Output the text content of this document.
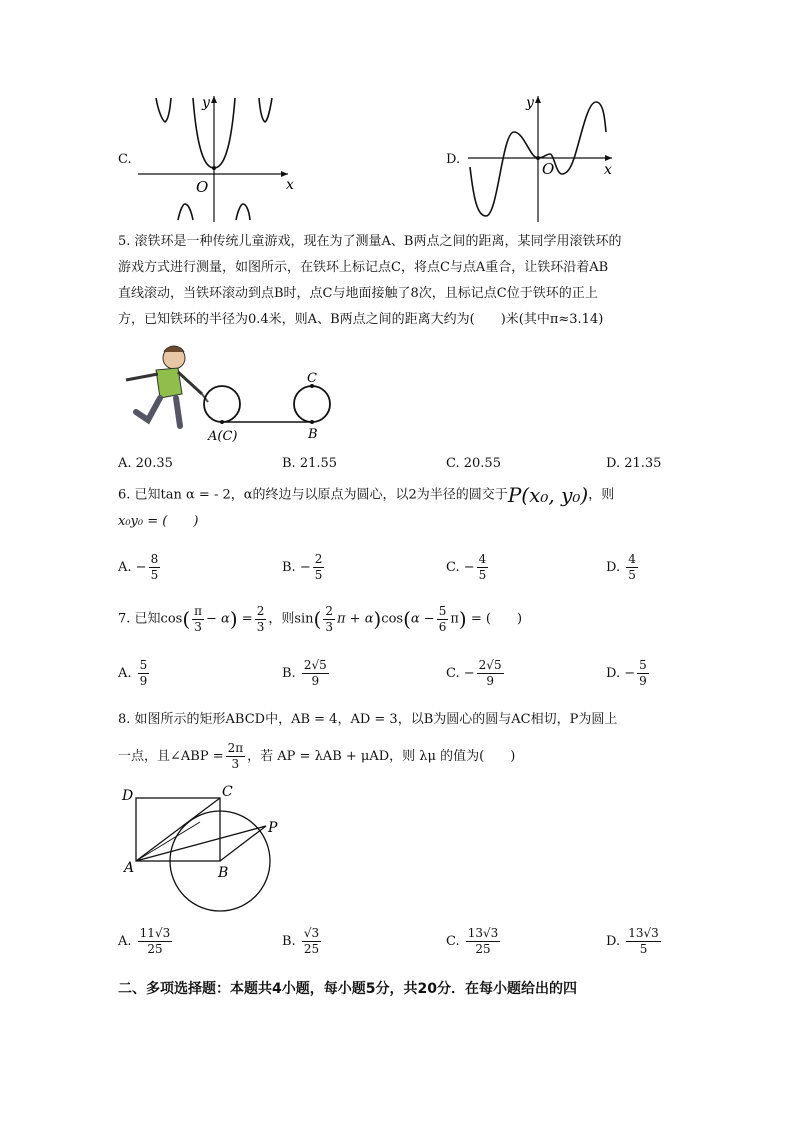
C.
y
x
O
D.
y
x
O
5. 滚铁环是一种传统儿童游戏，现在为了测量A、B两点之间的距离，某同学用滚铁环的
游戏方式进行测量，如图所示，在铁环上标记点C，将点C与点A重合，让铁环沿着AB
直线滚动，当铁环滚动到点B时，点C与地面接触了8次，且标记点C位于铁环的正上
方，已知铁环的半径为0.4米，则A、B两点之间的距离大约为(　　)米(其中π≈3.14)
A(C)	B
C
A. 20.35	B. 21.55	C. 20.55	D. 21.35
6. 已知tan α = - 2，α的终边与以原点为圆心，以2为半径的圆交于P(x₀, y₀)，则
x₀y₀ = (　　)
A. − $\frac{8}{5}$	B. − $\frac{2}{5}$	C. − $\frac{4}{5}$	D. $\frac{4}{5}$
7. 已知$\cos( \frac{\pi}{3} - \alpha) = \frac{2}{3}$ ，则$\sin( \frac{2}{3}$ $\pi + \alpha)\cos(\alpha - \frac{5}{6} \pi)$ = (　　)
A. $\frac{5}{9}$	B. $\frac{2√5}{9}$	C. − $\frac{2√5}{9}$	D. − $\frac{5}{9}$
8. 如图所示的矩形ABCD中，AB = 4，AD = 3，以B为圆心的圆与AC相切，P为圆上
一点，且∠ABP = $\frac{2\pi}{3}$ ，若 AP = λAB + μAD，则 λμ 的值为(　　)
D	C
A	B
P
A. $\frac{11√3}{25}$	B. $\frac{√3}{25}$	C. $\frac{13√3}{25}$	D. $\frac{13√3}{5}$
二、多项选择题：本题共4小题，每小题5分，共20分．在每小题给出的四
